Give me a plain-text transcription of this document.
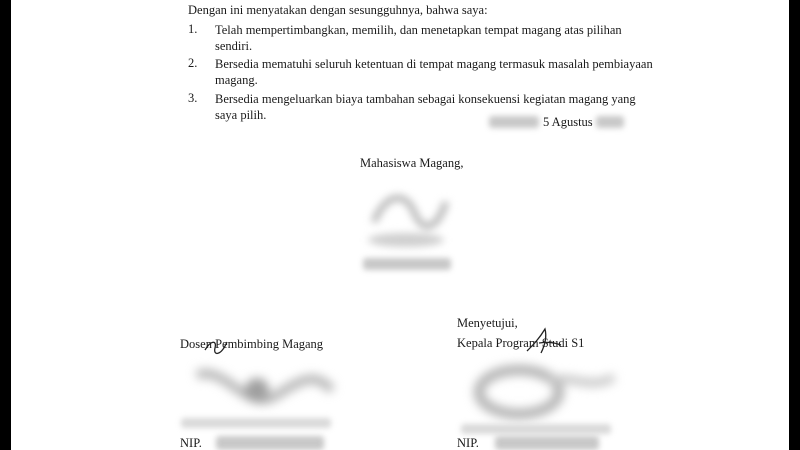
Dengan ini menyatakan dengan sesungguhnya, bahwa saya:
1. Telah mempertimbangkan, memilih, dan menetapkan tempat magang atas pilihan sendiri.
2. Bersedia mematuhi seluruh ketentuan di tempat magang termasuk masalah pembiayaan magang.
3. Bersedia mengeluarkan biaya tambahan sebagai konsekuensi kegiatan magang yang saya pilih.	5 Agustus
Mahasiswa Magang,
Menyetujui,
Dosen Pembimbing Magang
NIP.
Kepala Program Studi S1
NIP.
